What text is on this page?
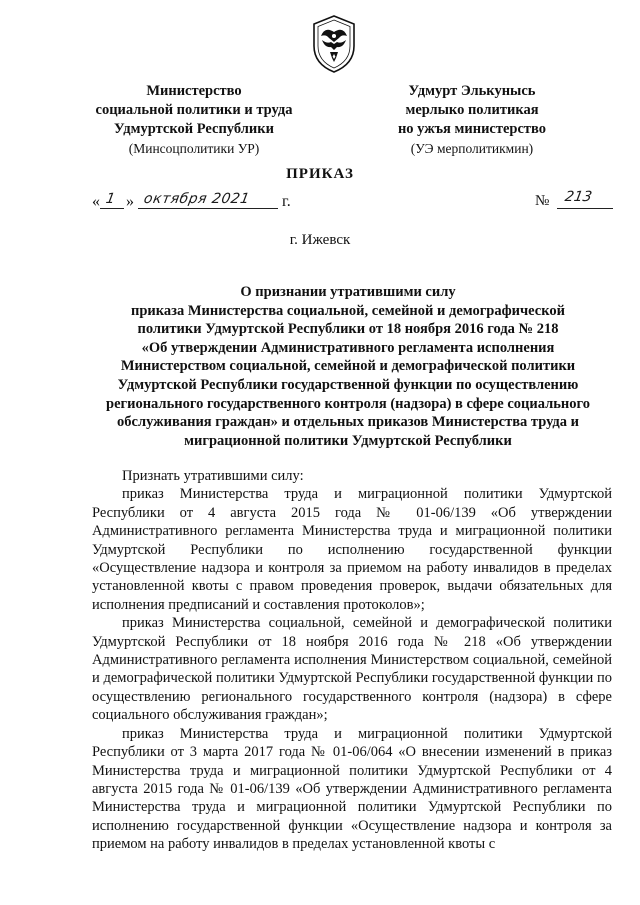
Министерство
социальной политики и труда
Удмуртской Республики
(Минсоцполитики УР)
Удмурт Элькунысь
мерлыко политикая
но ужъя министерство
(УЭ мерполитикмин)
ПРИКАЗ
« 1 » октября 2021 г.	№ 213
г. Ижевск
О признании утратившими силу
приказа Министерства социальной, семейной и демографической
политики Удмуртской Республики от 18 ноября 2016 года № 218
«Об утверждении Административного регламента исполнения
Министерством социальной, семейной и демографической политики
Удмуртской Республики государственной функции по осуществлению
регионального государственного контроля (надзора) в сфере социального
обслуживания граждан» и отдельных приказов Министерства труда и
миграционной политики Удмуртской Республики

Признать утратившими силу:

приказ Министерства труда и миграционной политики Удмуртской Республики от 4 августа 2015 года № 01-06/139 «Об утверждении Административного регламента Министерства труда и миграционной политики Удмуртской Республики по исполнению государственной функции «Осуществление надзора и контроля за приемом на работу инвалидов в пределах установленной квоты с правом проведения проверок, выдачи обязательных для исполнения предписаний и составления протоколов»;

приказ Министерства социальной, семейной и демографической политики Удмуртской Республики от 18 ноября 2016 года № 218 «Об утверждении Административного регламента исполнения Министерством социальной, семейной и демографической политики Удмуртской Республики государственной функции по осуществлению регионального государственного контроля (надзора) в сфере социального обслуживания граждан»;

приказ Министерства труда и миграционной политики Удмуртской Республики от 3 марта 2017 года № 01-06/064 «О внесении изменений в приказ Министерства труда и миграционной политики Удмуртской Республики от 4 августа 2015 года № 01-06/139 «Об утверждении Административного регламента Министерства труда и миграционной политики Удмуртской Республики по исполнению государственной функции «Осуществление надзора и контроля за приемом на работу инвалидов в пределах установленной квоты с
